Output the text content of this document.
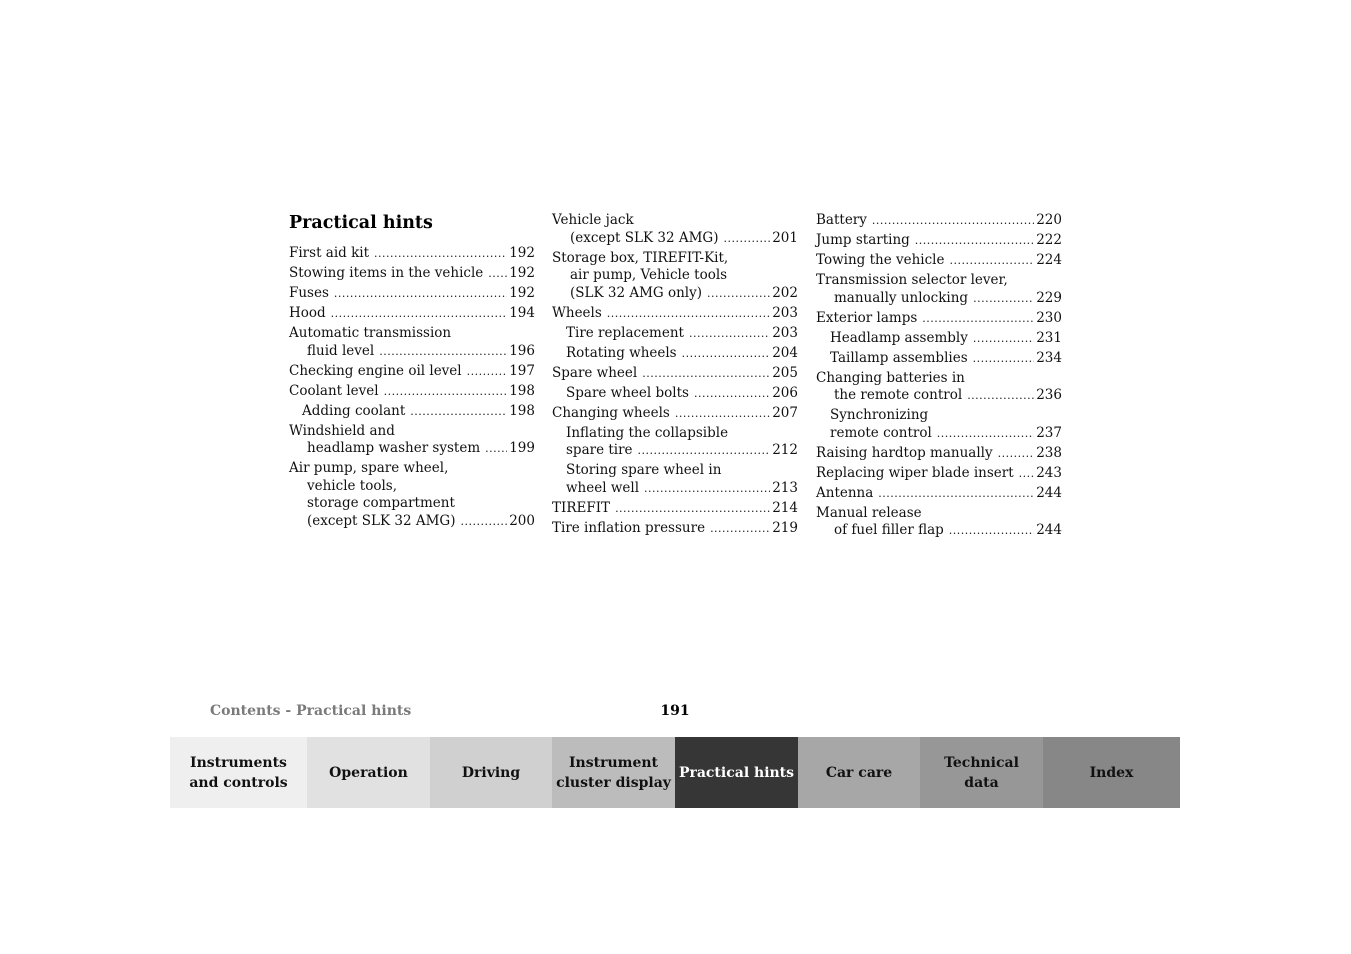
Practical hints
First aid kit .....	192
Stowing items in the vehicle ..... 192
Fuses .....	192
Hood .....	194
Automatic transmission
fluid level .....	196
Checking engine oil level .....	197
Coolant level .....	198
Adding coolant .....	198
Windshield and
headlamp washer system ..... 199
Air pump, spare wheel,
vehicle tools,
storage compartment
(except SLK 32 AMG) .....	200
Vehicle jack
(except SLK 32 AMG) .....	201
Storage box, TIREFIT-Kit,
air pump, Vehicle tools
(SLK 32 AMG only) .....	202
Wheels .....	203
Tire replacement .....	203
Rotating wheels .....	204
Spare wheel .....	205
Spare wheel bolts .....	206
Changing wheels .....	207
Inflating the collapsible
spare tire .....	212
Storing spare wheel in
wheel well .....	213
TIREFIT .....	214
Tire inflation pressure .....	219
Battery .....	220
Jump starting .....	222
Towing the vehicle .....	224
Transmission selector lever,
manually unlocking .....	229
Exterior lamps .....	230
Headlamp assembly .....	231
Taillamp assemblies .....	234
Changing batteries in
the remote control .....	236
Synchronizing
remote control .....	237
Raising hardtop manually .....	238
Replacing wiper blade insert ..... 243
Antenna .....	244
Manual release
of fuel filler flap .....	244
Contents - Practical hints	191
Instruments
and controls
Operation	Driving
Instrument
cluster display
Practical hints	Car care
Technical
data
Index
